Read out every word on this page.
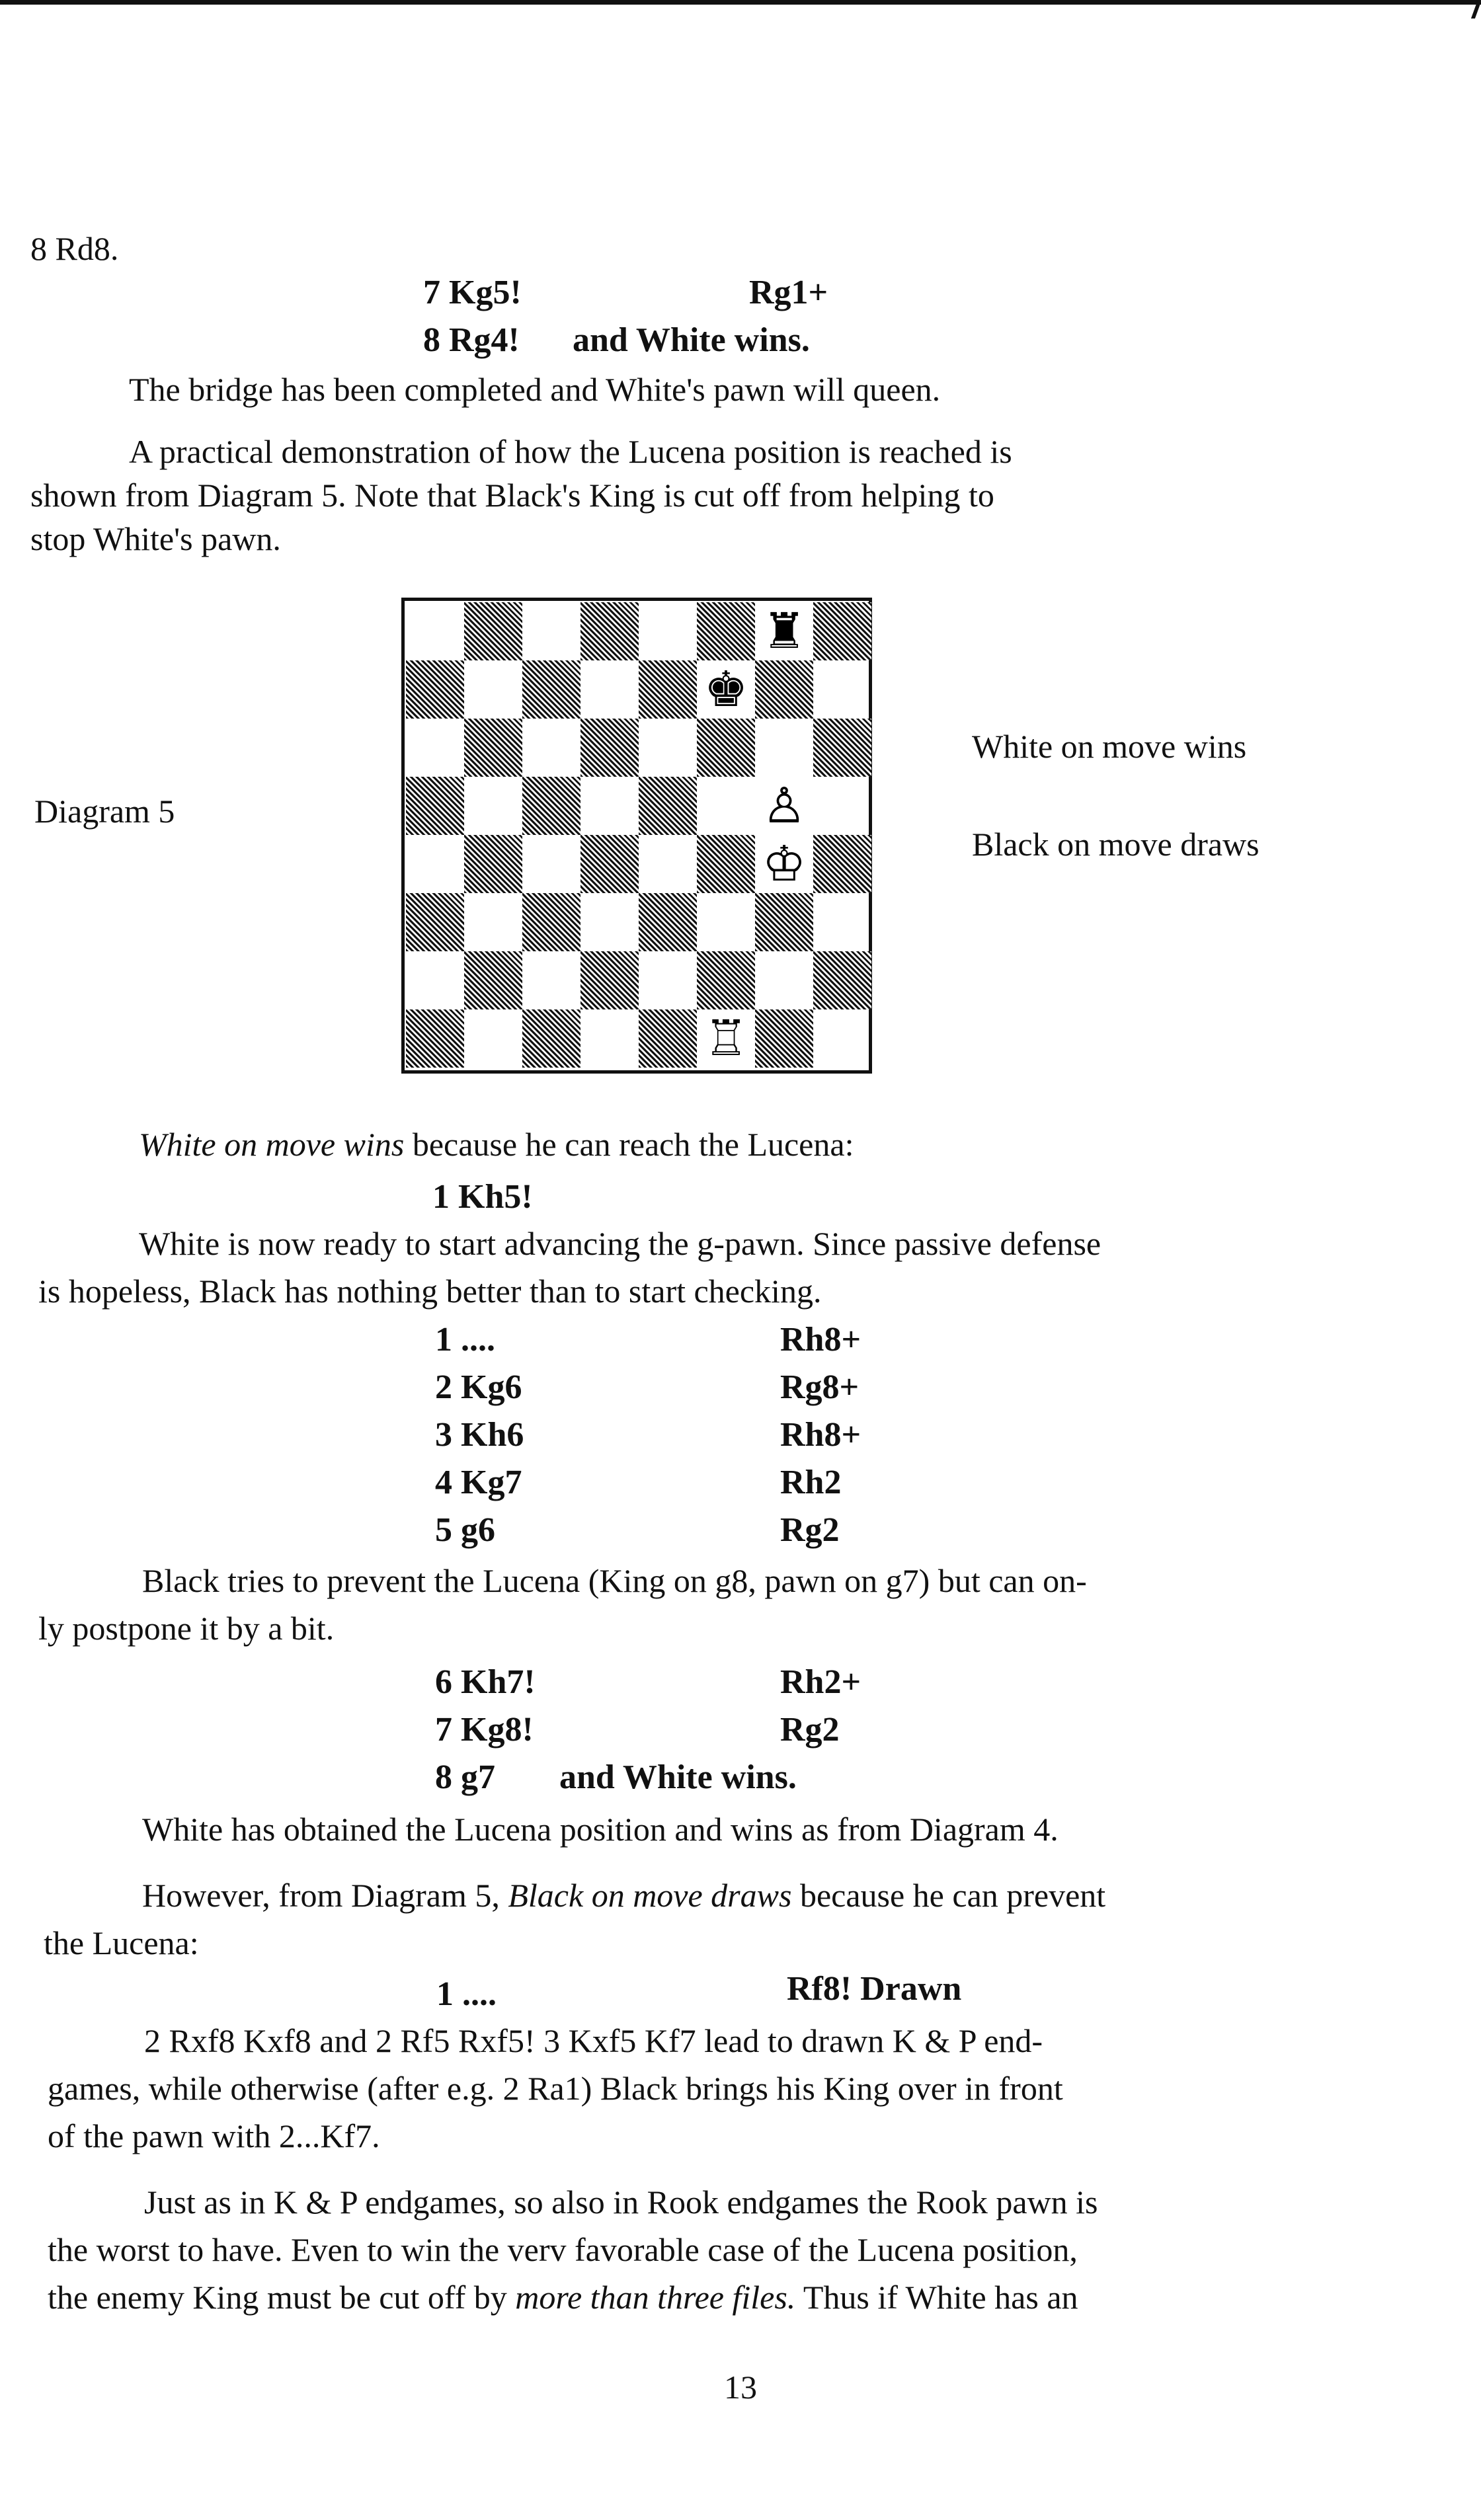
8 Rd8.
7 Kg5!	Rg1+
8 Rg4! and White wins.
The bridge has been completed and White's pawn will queen.
A practical demonstration of how the Lucena position is reached is
shown from Diagram 5. Note that Black's King is cut off from helping to
stop White's pawn.
Diagram 5
White on move wins
Black on move draws
♜
♚
♙
♔
♖
White on move wins because he can reach the Lucena:
1 Kh5!
White is now ready to start advancing the g-pawn. Since passive defense
is hopeless, Black has nothing better than to start checking.
1 ....	Rh8+
2 Kg6	Rg8+
3 Kh6	Rh8+
4 Kg7	Rh2
5 g6	Rg2
Black tries to prevent the Lucena (King on g8, pawn on g7) but can on-
ly postpone it by a bit.
6 Kh7!	Rh2+
7 Kg8!	Rg2
8 g7 and White wins.
White has obtained the Lucena position and wins as from Diagram 4.
However, from Diagram 5, Black on move draws because he can prevent
the Lucena:
1 ....	Rf8! Drawn
2 Rxf8 Kxf8 and 2 Rf5 Rxf5! 3 Kxf5 Kf7 lead to drawn K & P end-
games, while otherwise (after e.g. 2 Ra1) Black brings his King over in front
of the pawn with 2...Kf7.
Just as in K & P endgames, so also in Rook endgames the Rook pawn is
the worst to have. Even to win the verv favorable case of the Lucena position,
the enemy King must be cut off by more than three files. Thus if White has an
13
